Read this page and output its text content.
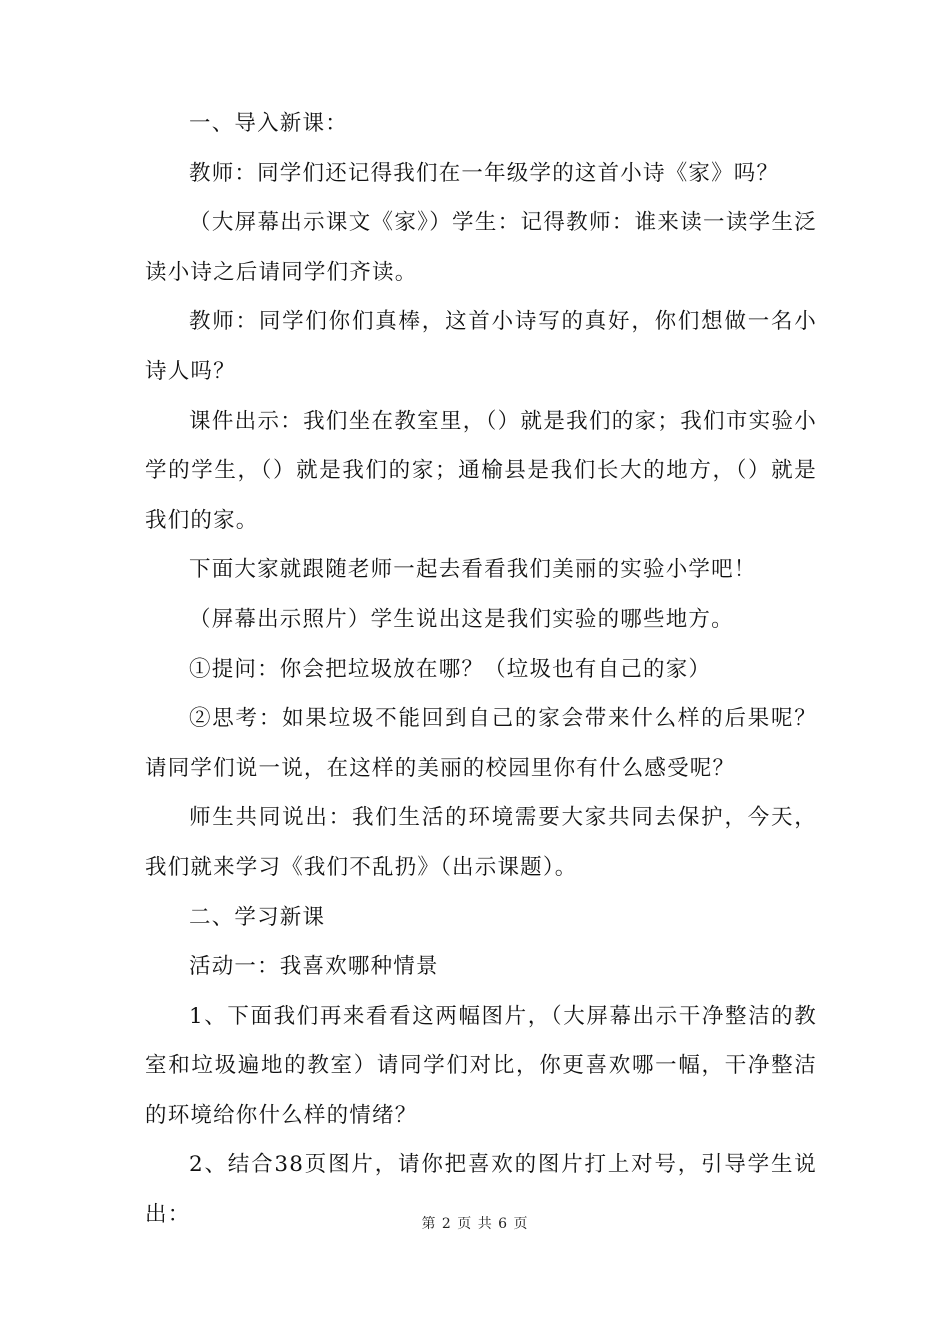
一、导入新课：

教师：同学们还记得我们在一年级学的这首小诗《家》吗？

（大屏幕出示课文《家》）学生：记得教师：谁来读一读学生泛读小诗之后请同学们齐读。

教师：同学们你们真棒，这首小诗写的真好，你们想做一名小诗人吗？

课件出示：我们坐在教室里，（）就是我们的家；我们市实验小学的学生，（）就是我们的家；通榆县是我们长大的地方，（）就是我们的家。

下面大家就跟随老师一起去看看我们美丽的实验小学吧！

（屏幕出示照片）学生说出这是我们实验的哪些地方。

①提问：你会把垃圾放在哪？（垃圾也有自己的家）

②思考：如果垃圾不能回到自己的家会带来什么样的后果呢？请同学们说一说，在这样的美丽的校园里你有什么感受呢？

师生共同说出：我们生活的环境需要大家共同去保护，今天，我们就来学习《我们不乱扔》（出示课题）。

二、学习新课

活动一：我喜欢哪种情景

1、下面我们再来看看这两幅图片，（大屏幕出示干净整洁的教室和垃圾遍地的教室）请同学们对比，你更喜欢哪一幅，干净整洁的环境给你什么样的情绪？

2、结合38页图片，请你把喜欢的图片打上对号，引导学生说出：	第 2 页 共 6 页
